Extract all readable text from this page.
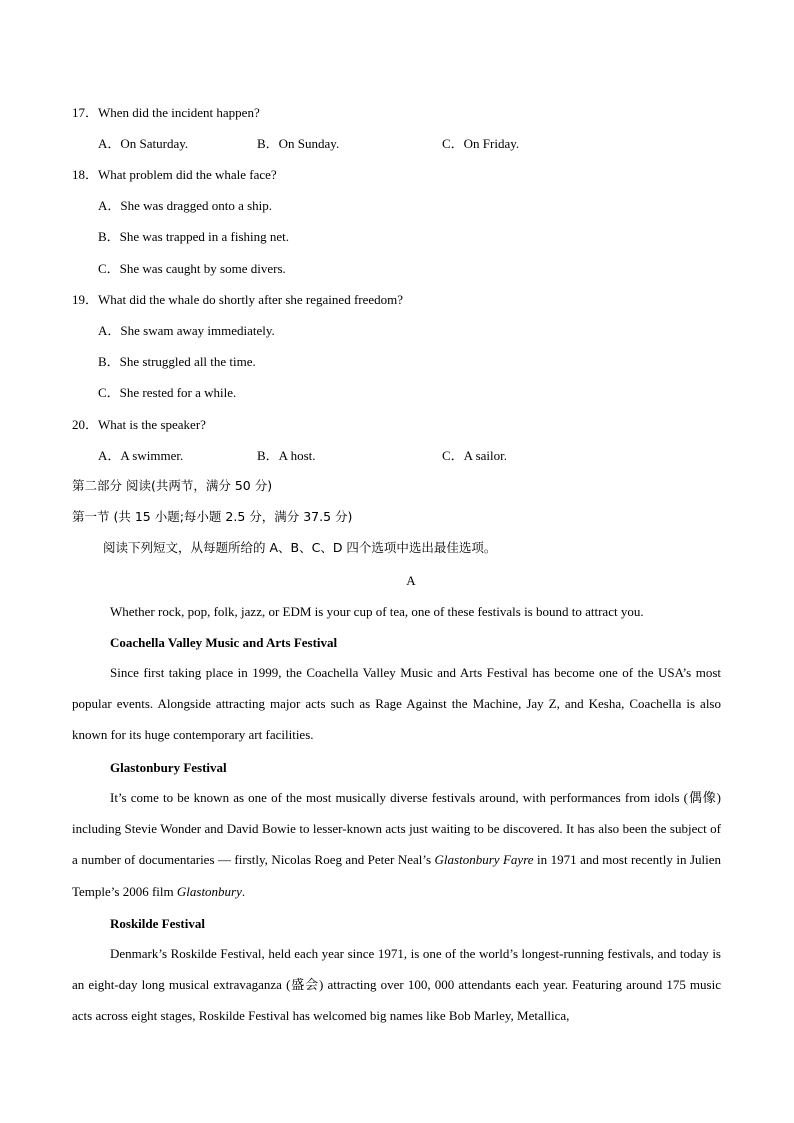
17．When did the incident happen?
A．On Saturday.	B．On Sunday.	C．On Friday.
18．What problem did the whale face?
A．She was dragged onto a ship.
B．She was trapped in a fishing net.
C．She was caught by some divers.
19．What did the whale do shortly after she regained freedom?
A．She swam away immediately.
B．She struggled all the time.
C．She rested for a while.
20．What is the speaker?
A．A swimmer.	B．A host.	C．A sailor.
第二部分 阅读(共两节，满分 50 分)
第一节 (共 15 小题;每小题 2.5 分，满分 37.5 分)
阅读下列短文，从每题所给的 A、B、C、D 四个选项中选出最佳选项。
A
Whether rock, pop, folk, jazz, or EDM is your cup of tea, one of these festivals is bound to attract you.
Coachella Valley Music and Arts Festival
Since first taking place in 1999, the Coachella Valley Music and Arts Festival has become one of the USA’s most popular events. Alongside attracting major acts such as Rage Against the Machine, Jay Z, and Kesha, Coachella is also known for its huge contemporary art facilities.
Glastonbury Festival
It’s come to be known as one of the most musically diverse festivals around, with performances from idols (偶像) including Stevie Wonder and David Bowie to lesser-known acts just waiting to be discovered. It has also been the subject of a number of documentaries — firstly, Nicolas Roeg and Peter Neal’s Glastonbury Fayre in 1971 and most recently in Julien Temple’s 2006 film Glastonbury.
Roskilde Festival
Denmark’s Roskilde Festival, held each year since 1971, is one of the world’s longest-running festivals, and today is an eight-day long musical extravaganza (盛会) attracting over 100, 000 attendants each year. Featuring around 175 music acts across eight stages, Roskilde Festival has welcomed big names like Bob Marley, Metallica,
